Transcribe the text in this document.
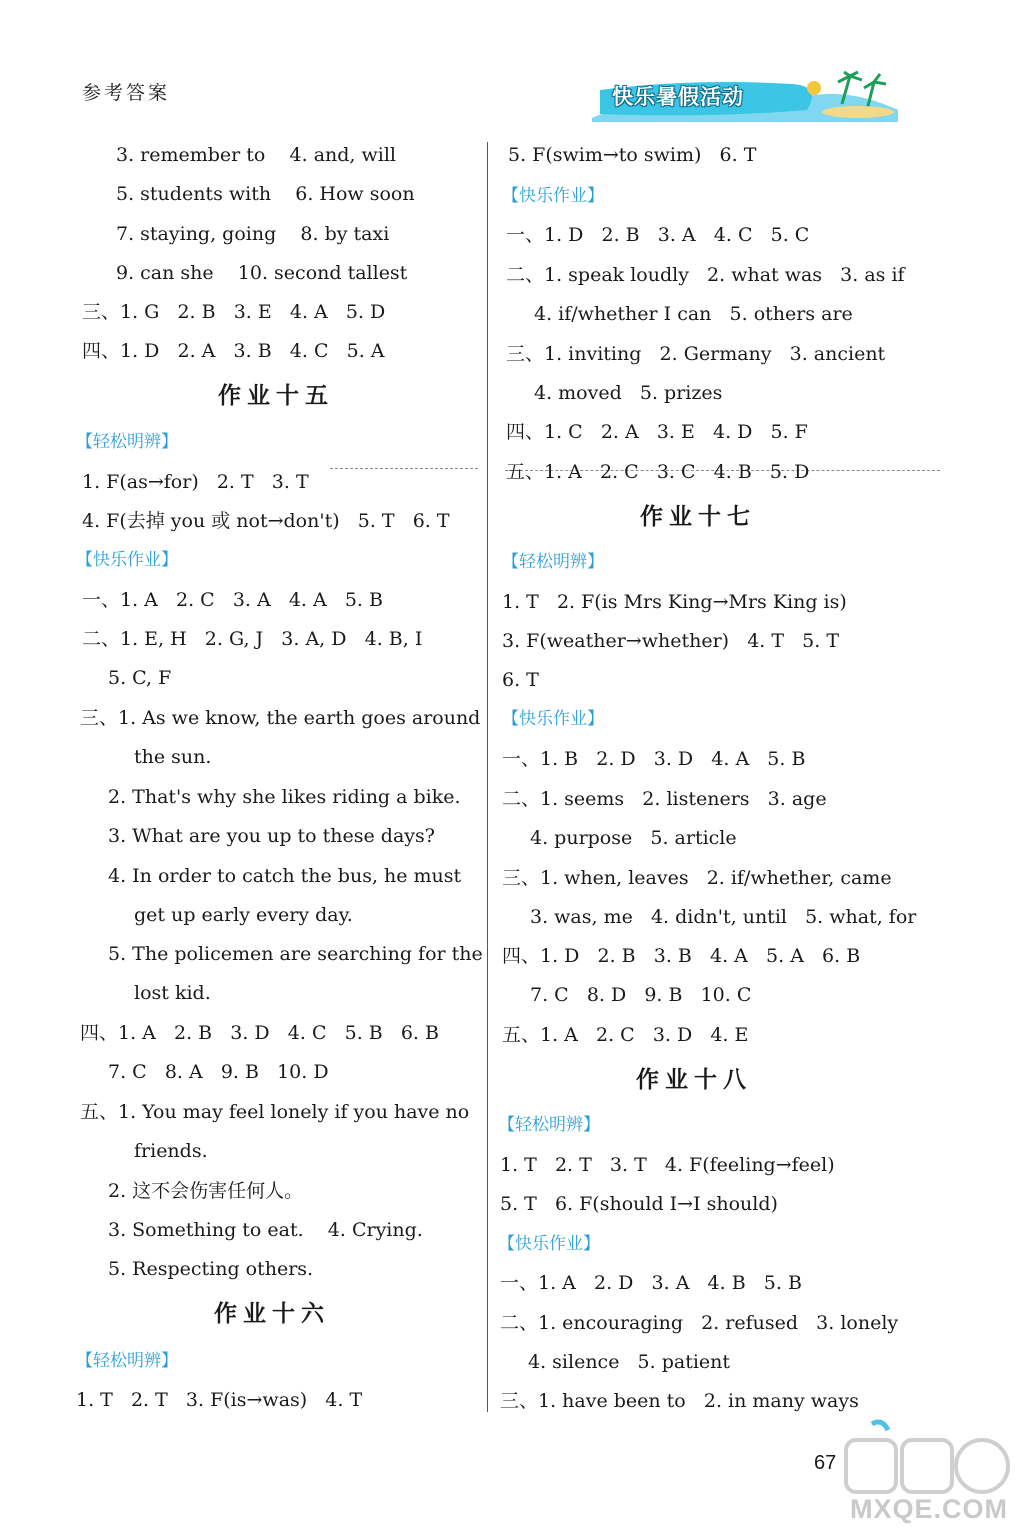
参考答案	快乐暑假活动
3. remember to    4. and, will
5. students with    6. How soon
7. staying, going    8. by taxi
9. can she    10. second tallest
三、1. G   2. B   3. E   4. A   5. D
四、1. D   2. A   3. B   4. C   5. A
作业十五
【轻松明辨】
1. F(as→for)   2. T   3. T
4. F(去掉 you 或 not→don't)   5. T   6. T
【快乐作业】
一、1. A   2. C   3. A   4. A   5. B
二、1. E, H   2. G, J   3. A, D   4. B, I
5. C, F
三、1. As we know, the earth goes around
the sun.
2. That's why she likes riding a bike.
3. What are you up to these days?
4. In order to catch the bus, he must
get up early every day.
5. The policemen are searching for the
lost kid.
四、1. A   2. B   3. D   4. C   5. B   6. B
7. C   8. A   9. B   10. D
五、1. You may feel lonely if you have no
friends.
2. 这不会伤害任何人。
3. Something to eat.    4. Crying.
5. Respecting others.
作业十六
【轻松明辨】
1. T   2. T   3. F(is→was)   4. T
5. F(swim→to swim)   6. T
【快乐作业】
一、1. D   2. B   3. A   4. C   5. C
二、1. speak loudly   2. what was   3. as if
4. if/whether I can   5. others are
三、1. inviting   2. Germany   3. ancient
4. moved   5. prizes
四、1. C   2. A   3. E   4. D   5. F
五、1. A   2. C   3. C   4. B   5. D
作业十七
【轻松明辨】
1. T   2. F(is Mrs King→Mrs King is)
3. F(weather→whether)   4. T   5. T
6. T
【快乐作业】
一、1. B   2. D   3. D   4. A   5. B
二、1. seems   2. listeners   3. age
4. purpose   5. article
三、1. when, leaves   2. if/whether, came
3. was, me   4. didn't, until   5. what, for
四、1. D   2. B   3. B   4. A   5. A   6. B
7. C   8. D   9. B   10. C
五、1. A   2. C   3. D   4. E
作业十八
【轻松明辨】
1. T   2. T   3. T   4. F(feeling→feel)
5. T   6. F(should I→I should)
【快乐作业】
一、1. A   2. D   3. A   4. B   5. B
二、1. encouraging   2. refused   3. lonely
4. silence   5. patient
三、1. have been to   2. in many ways
67
MXQE.COM
